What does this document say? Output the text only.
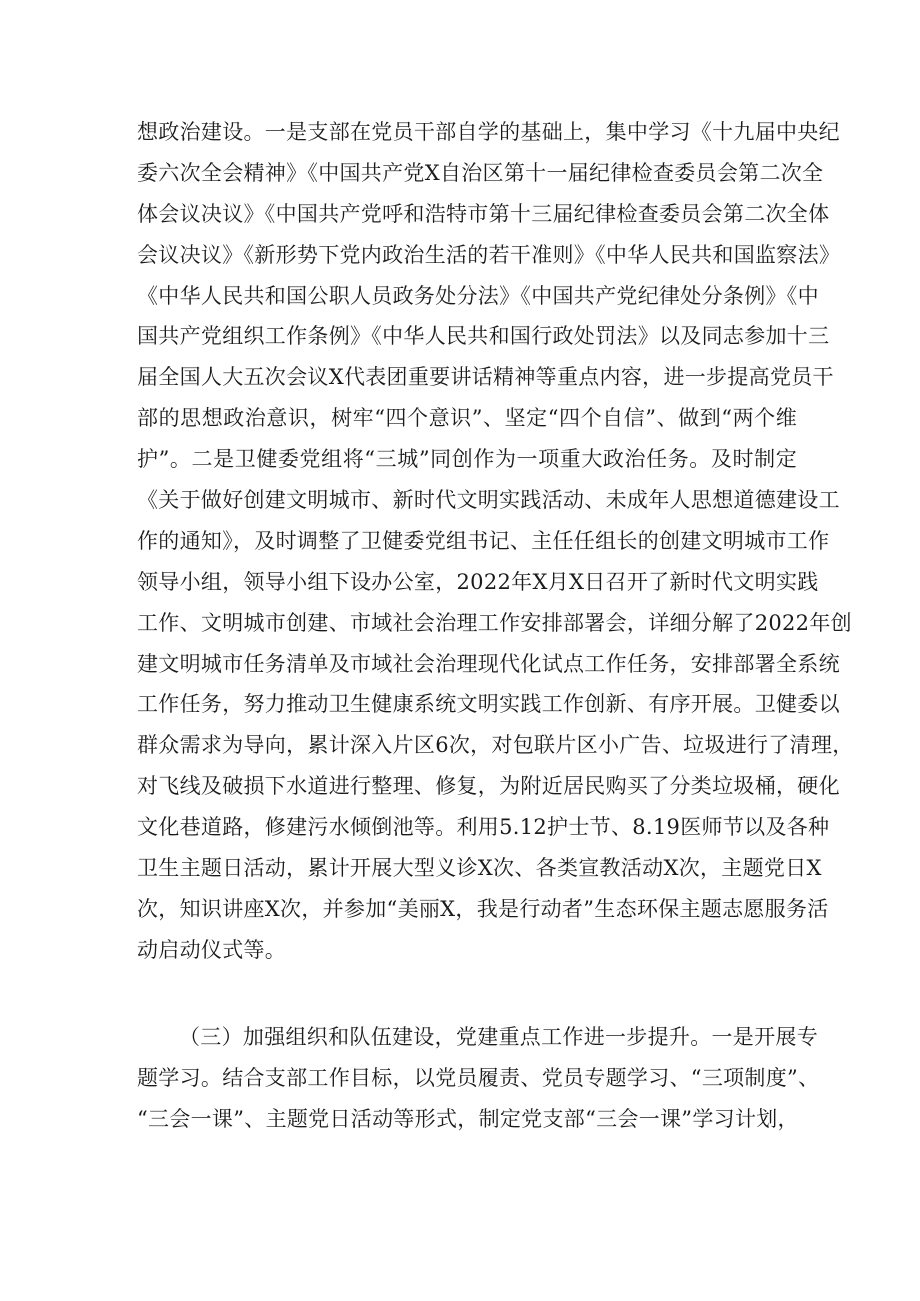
想政治建设。一是支部在党员干部自学的基础上，集中学习《十九届中央纪
委六次全会精神》《中国共产党X自治区第十一届纪律检查委员会第二次全
体会议决议》《中国共产党呼和浩特市第十三届纪律检查委员会第二次全体
会议决议》《新形势下党内政治生活的若干准则》《中华人民共和国监察法》
《中华人民共和国公职人员政务处分法》《中国共产党纪律处分条例》《中
国共产党组织工作条例》《中华人民共和国行政处罚法》以及同志参加十三
届全国人大五次会议X代表团重要讲话精神等重点内容，进一步提高党员干
部的思想政治意识，树牢“四个意识”、坚定“四个自信”、做到“两个维
护”。二是卫健委党组将“三城”同创作为一项重大政治任务。及时制定
《关于做好创建文明城市、新时代文明实践活动、未成年人思想道德建设工
作的通知》，及时调整了卫健委党组书记、主任任组长的创建文明城市工作
领导小组，领导小组下设办公室，2022年X月X日召开了新时代文明实践
工作、文明城市创建、市域社会治理工作安排部署会，详细分解了2022年创
建文明城市任务清单及市域社会治理现代化试点工作任务，安排部署全系统
工作任务，努力推动卫生健康系统文明实践工作创新、有序开展。卫健委以
群众需求为导向，累计深入片区6次，对包联片区小广告、垃圾进行了清理，
对飞线及破损下水道进行整理、修复，为附近居民购买了分类垃圾桶，硬化
文化巷道路，修建污水倾倒池等。利用5.12护士节、8.19医师节以及各种
卫生主题日活动，累计开展大型义诊X次、各类宣教活动X次，主题党日X
次，知识讲座X次，并参加“美丽X，我是行动者”生态环保主题志愿服务活
动启动仪式等。
（三）加强组织和队伍建设，党建重点工作进一步提升。一是开展专
题学习。结合支部工作目标，以党员履责、党员专题学习、“三项制度”、
“三会一课”、主题党日活动等形式，制定党支部“三会一课”学习计划，
